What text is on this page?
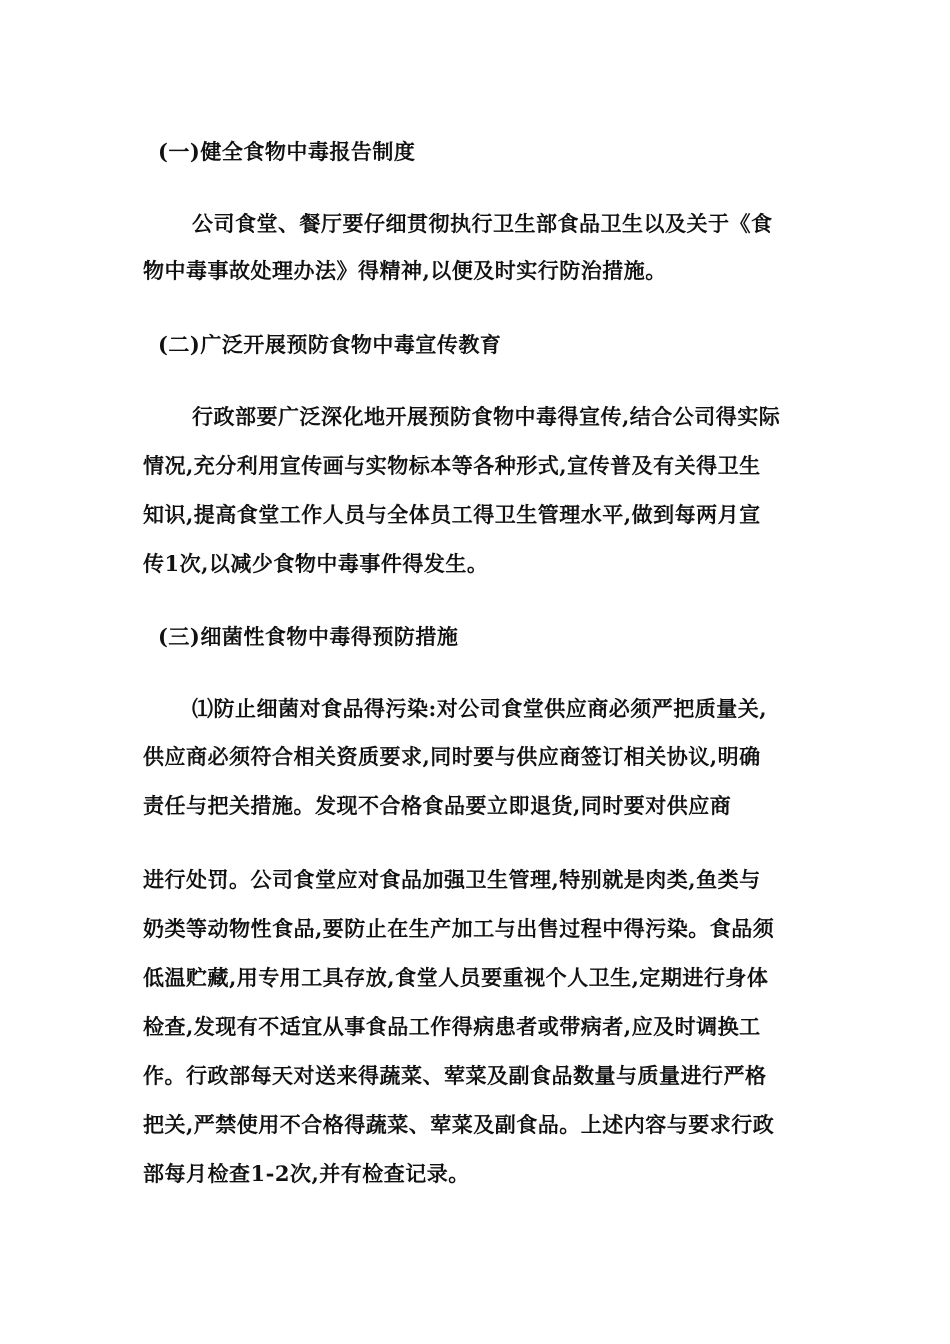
(一)健全食物中毒报告制度
公司食堂、餐厅要仔细贯彻执行卫生部食品卫生以及关于《食
物中毒事故处理办法》得精神,以便及时实行防治措施。
(二)广泛开展预防食物中毒宣传教育
行政部要广泛深化地开展预防食物中毒得宣传,结合公司得实际
情况,充分利用宣传画与实物标本等各种形式,宣传普及有关得卫生
知识,提高食堂工作人员与全体员工得卫生管理水平,做到每两月宣
传1次,以减少食物中毒事件得发生。
(三)细菌性食物中毒得预防措施
⑴防止细菌对食品得污染:对公司食堂供应商必须严把质量关,
供应商必须符合相关资质要求,同时要与供应商签订相关协议,明确
责任与把关措施。发现不合格食品要立即退货,同时要对供应商
进行处罚。公司食堂应对食品加强卫生管理,特别就是肉类,鱼类与
奶类等动物性食品,要防止在生产加工与出售过程中得污染。食品须
低温贮藏,用专用工具存放,食堂人员要重视个人卫生,定期进行身体
检查,发现有不适宜从事食品工作得病患者或带病者,应及时调换工
作。行政部每天对送来得蔬菜、荤菜及副食品数量与质量进行严格
把关,严禁使用不合格得蔬菜、荤菜及副食品。上述内容与要求行政
部每月检查1-2次,并有检查记录。
